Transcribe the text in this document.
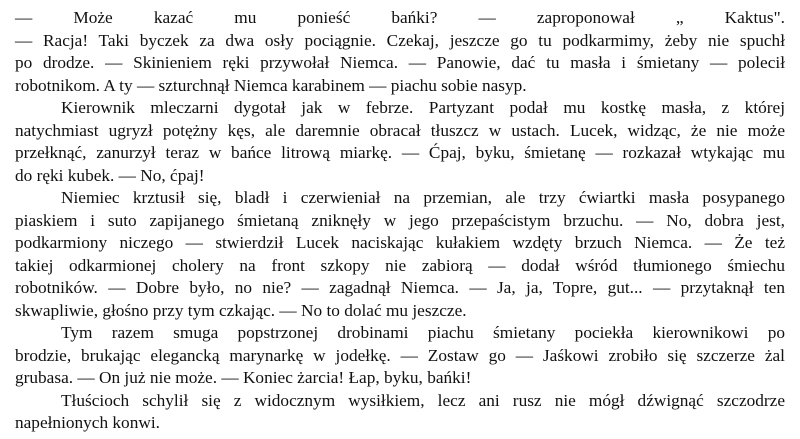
— Może kazać mu ponieść bańki? — zaproponował „ Kaktus".
— Racja! Taki byczek za dwa osły pociągnie. Czekaj, jeszcze go tu podkarmimy, żeby nie spuchł
po drodze. — Skinieniem ręki przywołał Niemca. — Panowie, dać tu masła i śmietany — polecił
robotnikom. A ty — szturchnął Niemca karabinem — piachu sobie nasyp.
Kierownik mleczarni dygotał jak w febrze. Partyzant podał mu kostkę masła, z której
natychmiast ugryzł potężny kęs, ale daremnie obracał tłuszcz w ustach. Lucek, widząc, że nie może
przełknąć, zanurzył teraz w bańce litrową miarkę. — Ćpaj, byku, śmietanę — rozkazał wtykając mu
do ręki kubek. — No, ćpaj!
Niemiec krztusił się, bladł i czerwieniał na przemian, ale trzy ćwiartki masła posypanego
piaskiem i suto zapijanego śmietaną zniknęły w jego przepaścistym brzuchu. — No, dobra jest,
podkarmiony niczego — stwierdził Lucek naciskając kułakiem wzdęty brzuch Niemca. — Że też
takiej odkarmionej cholery na front szkopy nie zabiorą — dodał wśród tłumionego śmiechu
robotników. — Dobre było, no nie? — zagadnął Niemca. — Ja, ja, Topre, gut... — przytaknął ten
skwapliwie, głośno przy tym czkając. — No to dolać mu jeszcze.
Tym razem smuga popstrzonej drobinami piachu śmietany pociekła kierownikowi po
brodzie, brukając elegancką marynarkę w jodełkę. — Zostaw go — Jaśkowi zrobiło się szczerze żal
grubasa. — On już nie może. — Koniec żarcia! Łap, byku, bańki!
Tłuścioch schylił się z widocznym wysiłkiem, lecz ani rusz nie mógł dźwignąć szczodrze
napełnionych konwi.
